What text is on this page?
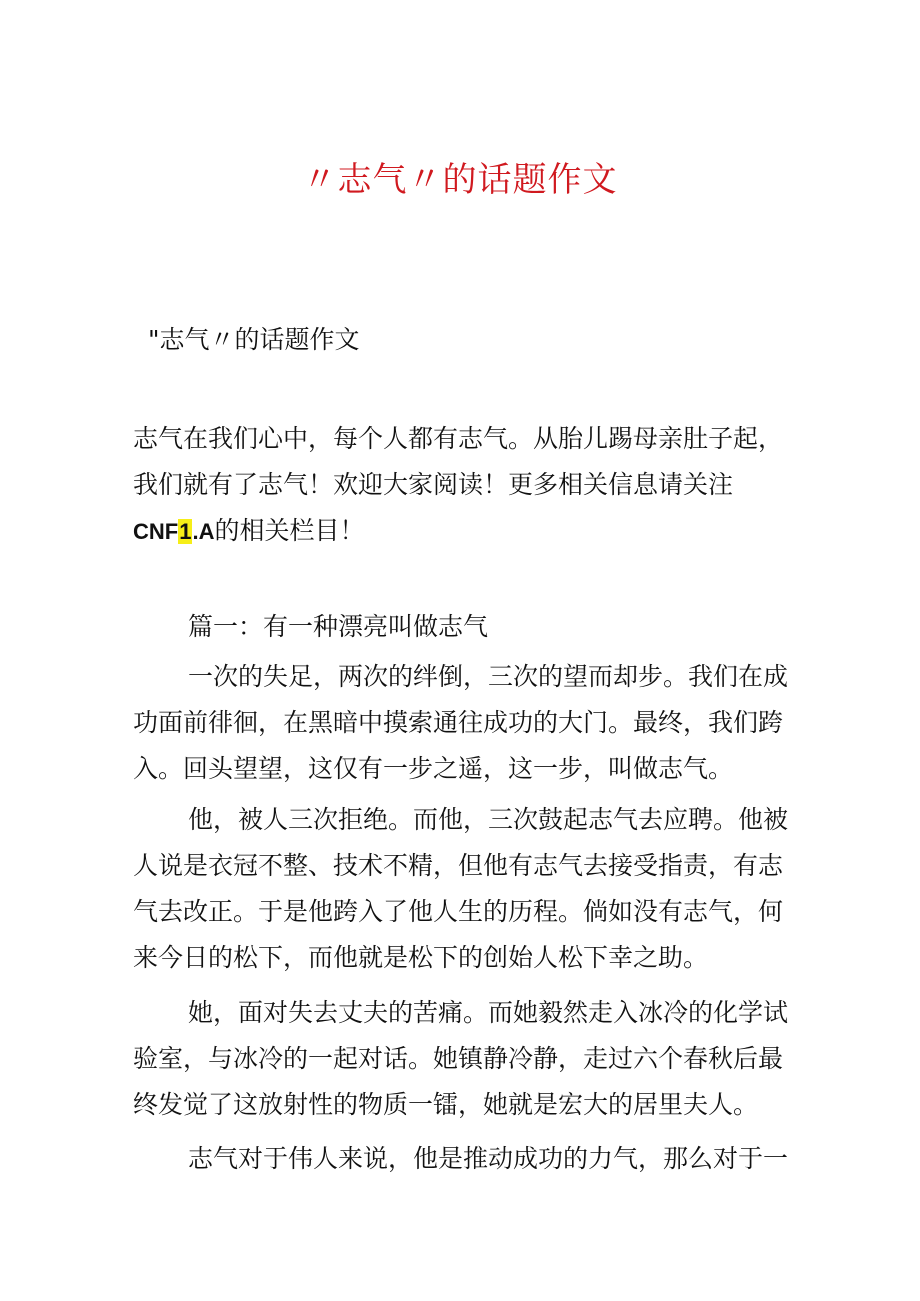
〃志气〃的话题作文
"志气〃的话题作文
志气在我们心中，每个人都有志气。从胎儿踢母亲肚子起，我们就有了志气！欢迎大家阅读！更多相关信息请关注CNF1.A的相关栏目！
篇一：有一种漂亮叫做志气

一次的失足，两次的绊倒，三次的望而却步。我们在成功面前徘徊，在黑暗中摸索通往成功的大门。最终，我们跨入。回头望望，这仅有一步之遥，这一步，叫做志气。

他，被人三次拒绝。而他，三次鼓起志气去应聘。他被人说是衣冠不整、技术不精，但他有志气去接受指责，有志气去改正。于是他跨入了他人生的历程。倘如没有志气，何来今日的松下，而他就是松下的创始人松下幸之助。

她，面对失去丈夫的苦痛。而她毅然走入冰冷的化学试验室，与冰冷的一起对话。她镇静冷静，走过六个春秋后最终发觉了这放射性的物质一镭，她就是宏大的居里夫人。

志气对于伟人来说，他是推动成功的力气，那么对于一
